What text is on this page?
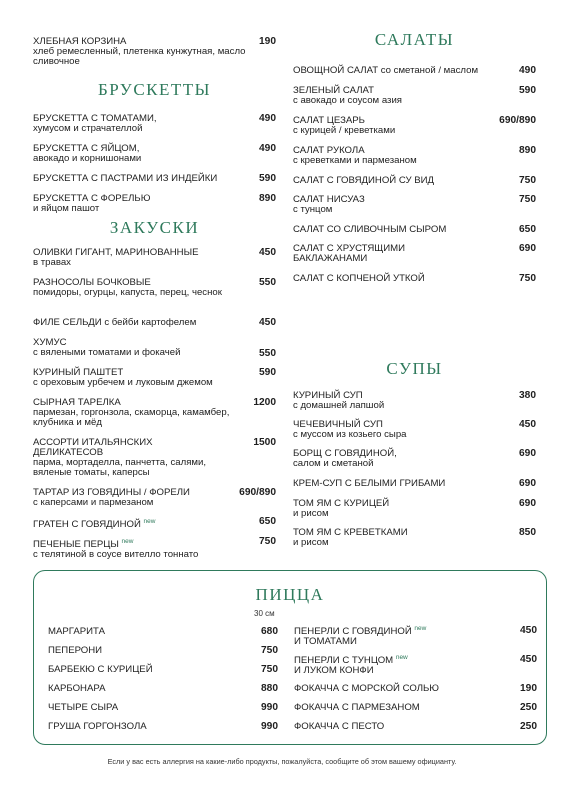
ХЛЕБНАЯ КОРЗИНА
хлеб ремесленный, плетенка кунжутная, масло сливочное
190
БРУСКЕТТЫ
БРУСКЕТТА С ТОМАТАМИ,
хумусом и страчателлой
490
БРУСКЕТТА С ЯЙЦОМ,
авокадо и корнишонами
490
БРУСКЕТТА С ПАСТРАМИ ИЗ ИНДЕЙКИ	590
БРУСКЕТТА С ФОРЕЛЬЮ
и яйцом пашот
890
ЗАКУСКИ
ОЛИВКИ ГИГАНТ, МАРИНОВАННЫЕ
в травах
450
РАЗНОСОЛЫ БОЧКОВЫЕ
помидоры, огурцы, капуста, перец, чеснок
550
ФИЛЕ СЕЛЬДИ с бейби картофелем	450
ХУМУС
с вялеными томатами и фокачей	550
КУРИНЫЙ ПАШТЕТ
с ореховым урбечем и луковым джемом
590
СЫРНАЯ ТАРЕЛКА
пармезан, горгонзола, скаморца, камамбер, клубника и мёд
1200
АССОРТИ ИТАЛЬЯНСКИХ ДЕЛИКАТЕСОВ
парма, мортаделла, панчетта, салями, вяленые томаты, каперсы
1500
ТАРТАР ИЗ ГОВЯДИНЫ / ФОРЕЛИ
с каперсами и пармезаном
690/890
ГРАТЕН С ГОВЯДИНОЙ $^{new}$	650
ПЕЧЕНЫЕ ПЕРЦЫ $^{new}$
с телятиной в соусе вителло тоннато
750
САЛАТЫ
ОВОЩНОЙ САЛАТ со сметаной / маслом	490
ЗЕЛЕНЫЙ САЛАТ
с авокадо и соусом азия
590
САЛАТ ЦЕЗАРЬ
с курицей / креветками
690/890
САЛАТ РУКОЛА
с креветками и пармезаном
890
САЛАТ С ГОВЯДИНОЙ СУ ВИД	750
САЛАТ НИСУАЗ
с тунцом
750
САЛАТ СО СЛИВОЧНЫМ СЫРОМ	650
САЛАТ С ХРУСТЯЩИМИ БАКЛАЖАНАМИ
690
САЛАТ С КОПЧЕНОЙ УТКОЙ	750
СУПЫ
КУРИНЫЙ СУП
с домашней лапшой
380
ЧЕЧЕВИЧНЫЙ СУП
с муссом из козьего сыра
450
БОРЩ С ГОВЯДИНОЙ,
салом и сметаной
690
КРЕМ-СУП С БЕЛЫМИ ГРИБАМИ	690
ТОМ ЯМ С КУРИЦЕЙ
и рисом
690
ТОМ ЯМ С КРЕВЕТКАМИ
и рисом
850
ПИЦЦА
30 см
МАРГАРИТА	680
ПЕПЕРОНИ	750
БАРБЕКЮ С КУРИЦЕЙ	750
КАРБОНАРА	880
ЧЕТЫРЕ СЫРА	990
ГРУША ГОРГОНЗОЛА	990
ПЕНЕРЛИ С ГОВЯДИНОЙ $^{new}$
И ТОМАТАМИ
450
ПЕНЕРЛИ С ТУНЦОМ $^{new}$
И ЛУКОМ КОНФИ
450
ФОКАЧЧА С МОРСКОЙ СОЛЬЮ	190
ФОКАЧЧА С ПАРМЕЗАНОМ	250
ФОКАЧЧА С ПЕСТО	250
Если у вас есть аллергия на какие-либо продукты, пожалуйста, сообщите об этом вашему официанту.
